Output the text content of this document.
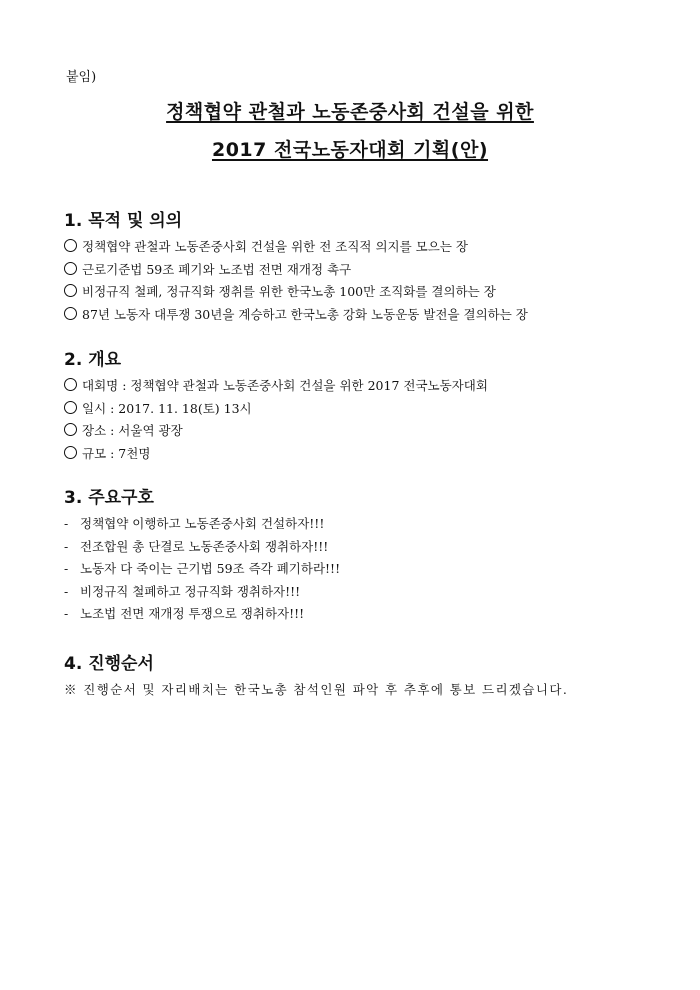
붙임)
정책협약 관철과 노동존중사회 건설을 위한
2017 전국노동자대회 기획(안)
1. 목적 및 의의
정책협약 관철과 노동존중사회 건설을 위한 전 조직적 의지를 모으는 장
근로기준법 59조 폐기와 노조법 전면 재개정 촉구
비정규직 철폐, 정규직화 쟁취를 위한 한국노총 100만 조직화를 결의하는 장
87년 노동자 대투쟁 30년을 계승하고 한국노총 강화 노동운동 발전을 결의하는 장
2. 개요
대회명 : 정책협약 관철과 노동존중사회 건설을 위한 2017 전국노동자대회
일시 : 2017. 11. 18(토) 13시
장소 : 서울역 광장
규모 : 7천명
3. 주요구호
- 정책협약 이행하고 노동존중사회 건설하자!!!
- 전조합원 총 단결로 노동존중사회 쟁취하자!!!
- 노동자 다 죽이는 근기법 59조 즉각 폐기하라!!!
- 비정규직 철폐하고 정규직화 쟁취하자!!!
- 노조법 전면 재개정 투쟁으로 쟁취하자!!!
4. 진행순서
※ 진행순서 및 자리배치는 한국노총 참석인원 파악 후 추후에 통보 드리겠습니다.
